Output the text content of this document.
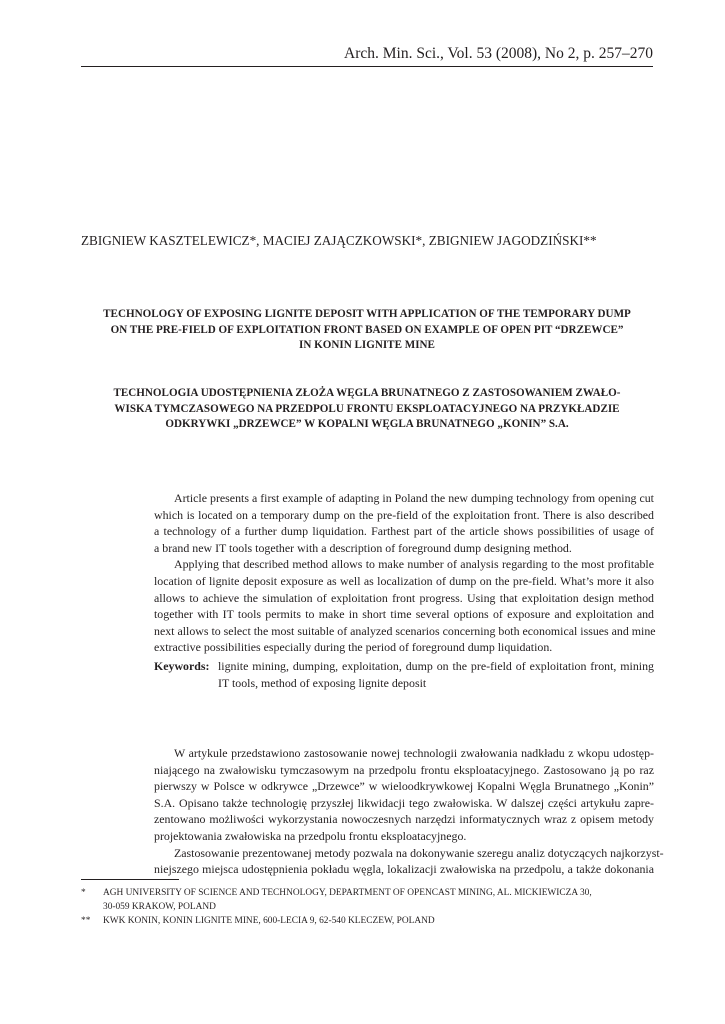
Arch. Min. Sci., Vol. 53 (2008), No 2, p. 257–270
ZBIGNIEW KASZTELEWICZ*, MACIEJ ZAJĄCZKOWSKI*, ZBIGNIEW JAGODZIŃSKI**
TECHNOLOGY OF EXPOSING LIGNITE DEPOSIT WITH APPLICATION OF THE TEMPORARY DUMP
ON THE PRE-FIELD OF EXPLOITATION FRONT BASED ON EXAMPLE OF OPEN PIT “DRZEWCE”
IN KONIN LIGNITE MINE
TECHNOLOGIA UDOSTĘPNIENIA ZŁOŻA WĘGLA BRUNATNEGO Z ZASTOSOWANIEM ZWAŁO-
WISKA TYMCZASOWEGO NA PRZEDPOLU FRONTU EKSPLOATACYJNEGO NA PRZYKŁADZIE
ODKRYWKI „DRZEWCE” W KOPALNI WĘGLA BRUNATNEGO „KONIN” S.A.
Article presents a first example of adapting in Poland the new dumping technology from opening cut
which is located on a temporary dump on the pre-field of the exploitation front. There is also described
a technology of a further dump liquidation. Farthest part of the article shows possibilities of usage of
a brand new IT tools together with a description of foreground dump designing method.
Applying that described method allows to make number of analysis regarding to the most profitable
location of lignite deposit exposure as well as localization of dump on the pre-field. What’s more it also
allows to achieve the simulation of exploitation front progress. Using that exploitation design method
together with IT tools permits to make in short time several options of exposure and exploitation and
next allows to select the most suitable of analyzed scenarios concerning both economical issues and mine
extractive possibilities especially during the period of foreground dump liquidation.
Keywords: lignite mining, dumping, exploitation, dump on the pre-field of exploitation front, mining
IT tools, method of exposing lignite deposit
W artykule przedstawiono zastosowanie nowej technologii zwałowania nadkładu z wkopu udostęp-
niającego na zwałowisku tymczasowym na przedpolu frontu eksploatacyjnego. Zastosowano ją po raz
pierwszy w Polsce w odkrywce „Drzewce” w wieloodkrywkowej Kopalni Węgla Brunatnego „Konin”
S.A. Opisano także technologię przyszłej likwidacji tego zwałowiska. W dalszej części artykułu zapre-
zentowano możliwości wykorzystania nowoczesnych narzędzi informatycznych wraz z opisem metody
projektowania zwałowiska na przedpolu frontu eksploatacyjnego.
Zastosowanie prezentowanej metody pozwala na dokonywanie szeregu analiz dotyczących najkorzyst-
niejszego miejsca udostępnienia pokładu węgla, lokalizacji zwałowiska na przedpolu, a także dokonania
* AGH UNIVERSITY OF SCIENCE AND TECHNOLOGY, DEPARTMENT OF OPENCAST MINING, AL. MICKIEWICZA 30,
30-059 KRAKOW, POLAND
** KWK KONIN, KONIN LIGNITE MINE, 600-LECIA 9, 62-540 KLECZEW, POLAND
